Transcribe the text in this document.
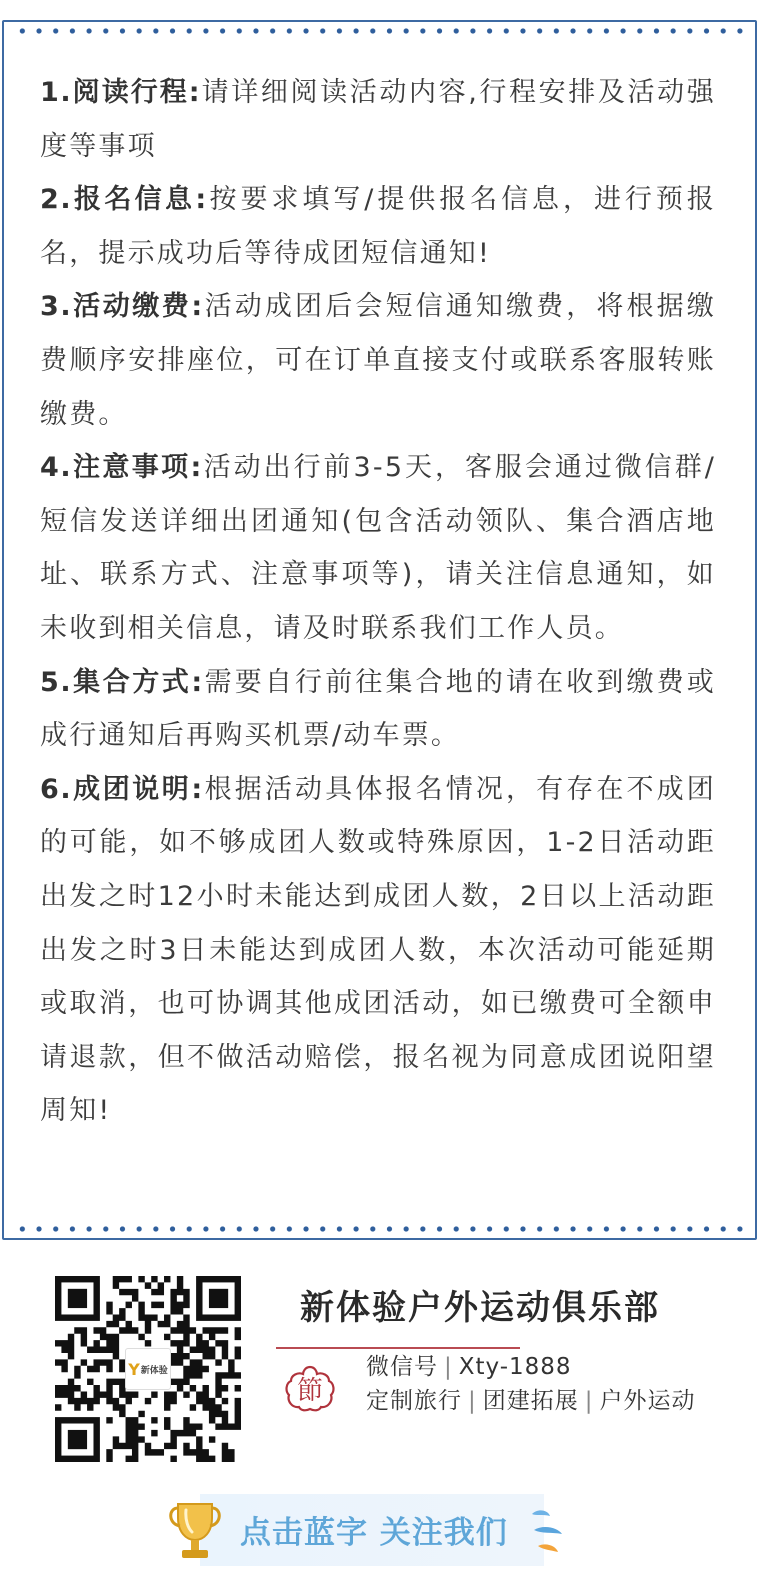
1.阅读行程:请详细阅读活动内容,行程安排及活动强度等事项

2.报名信息:按要求填写/提供报名信息，进行预报名，提示成功后等待成团短信通知!

3.活动缴费:活动成团后会短信通知缴费，将根据缴费顺序安排座位，可在订单直接支付或联系客服转账缴费。

4.注意事项:活动出行前3-5天，客服会通过微信群/短信发送详细出团通知(包含活动领队、集合酒店地址、联系方式、注意事项等)，请关注信息通知，如未收到相关信息，请及时联系我们工作人员。

5.集合方式:需要自行前往集合地的请在收到缴费或成行通知后再购买机票/动车票。

6.成团说明:根据活动具体报名情况，有存在不成团的可能，如不够成团人数或特殊原因，1-2日活动距出发之时12小时未能达到成团人数，2日以上活动距出发之时3日未能达到成团人数，本次活动可能延期或取消，也可协调其他成团活动，如已缴费可全额申请退款，但不做活动赔偿，报名视为同意成团说阳望周知!

Y 新体验
新体验户外运动俱乐部
節
微信号 | Xty-1888
定制旅行 | 团建拓展 | 户外运动
点击蓝字 关注我们
